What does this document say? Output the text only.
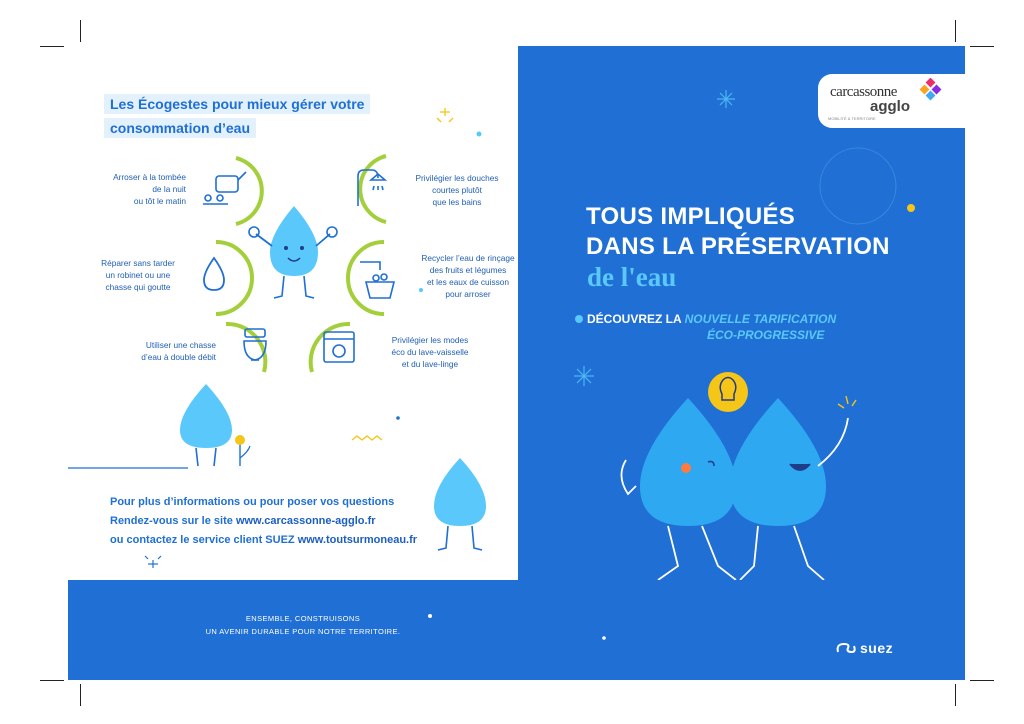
Les Écogestes pour mieux gérer votre
consommation d’eau
Arroser à la tombée
de la nuit
ou tôt le matin
Privilégier les douches
courtes plutôt
que les bains
Réparer sans tarder
un robinet ou une
chasse qui goutte
Recycler l’eau de rinçage
des fruits et légumes
et les eaux de cuisson
pour arroser
Utiliser une chasse
d’eau à double débit
Privilégier les modes
éco du lave-vaisselle
et du lave-linge
Pour plus d’informations ou pour poser vos questions
Rendez-vous sur le site www.carcassonne-agglo.fr
ou contactez le service client SUEZ www.toutsurmoneau.fr
carcassonne
agglo
MOBILITÉ & TERRITOIRE
TOUS IMPLIQUÉS
DANS LA PRÉSERVATION
de l'eau
DÉCOUVREZ LA NOUVELLE TARIFICATION
ÉCO-PROGRESSIVE
ENSEMBLE, CONSTRUISONS
UN AVENIR DURABLE POUR NOTRE TERRITOIRE.
suez
